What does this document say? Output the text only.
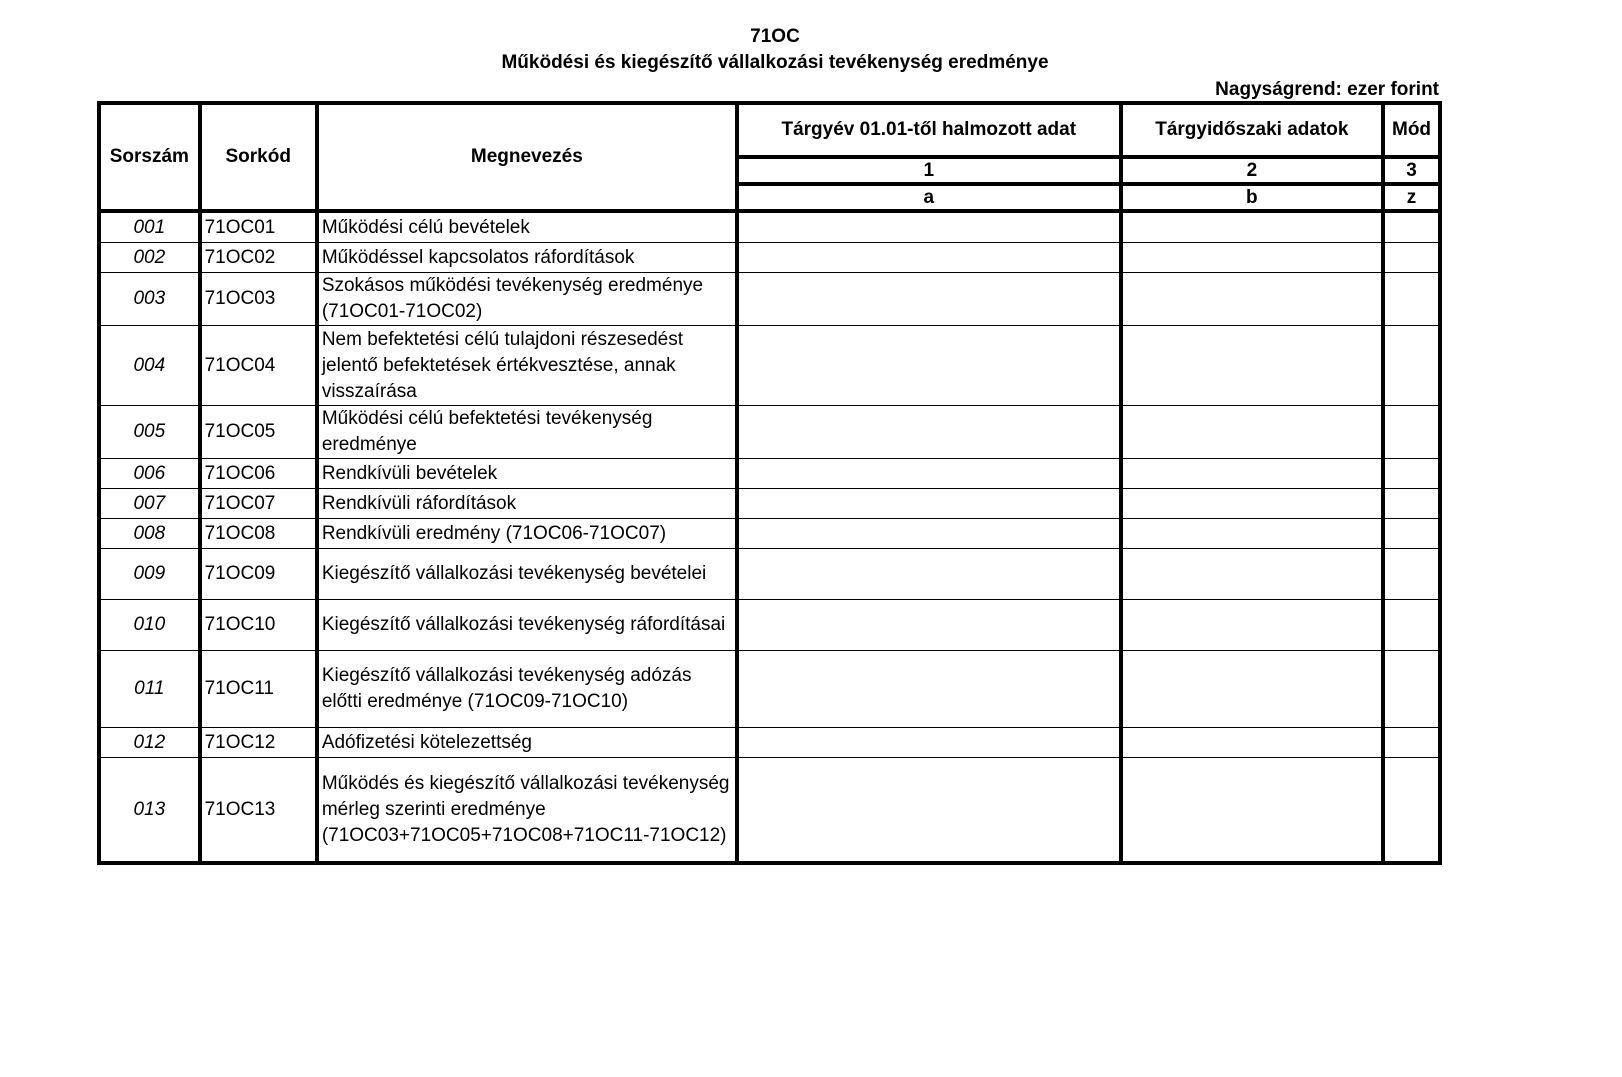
71OC
Működési és kiegészítő vállalkozási tevékenység eredménye
Nagyságrend: ezer forint
Sorszám	Sorkód	Megnevezés	Tárgyév 01.01-től halmozott adat	Tárgyidőszaki adatok	Mód
			1	2	3
			a	b	z
001	71OC01	Működési célú bevételek			
002	71OC02	Működéssel kapcsolatos ráfordítások			
003	71OC03	Szokásos működési tevékenység eredménye (71OC01-71OC02)			
004	71OC04	Nem befektetési célú tulajdoni részesedést jelentő befektetések értékvesztése, annak visszaírása			
005	71OC05	Működési célú befektetési tevékenység eredménye			
006	71OC06	Rendkívüli bevételek			
007	71OC07	Rendkívüli ráfordítások			
008	71OC08	Rendkívüli eredmény (71OC06-71OC07)			
009	71OC09	Kiegészítő vállalkozási tevékenység bevételei			
010	71OC10	Kiegészítő vállalkozási tevékenység ráfordításai			
011	71OC11	Kiegészítő vállalkozási tevékenység adózás előtti eredménye (71OC09-71OC10)			
012	71OC12	Adófizetési kötelezettség			
013	71OC13	Működés és kiegészítő vállalkozási tevékenység mérleg szerinti eredménye (71OC03+71OC05+71OC08+71OC11-71OC12)			
